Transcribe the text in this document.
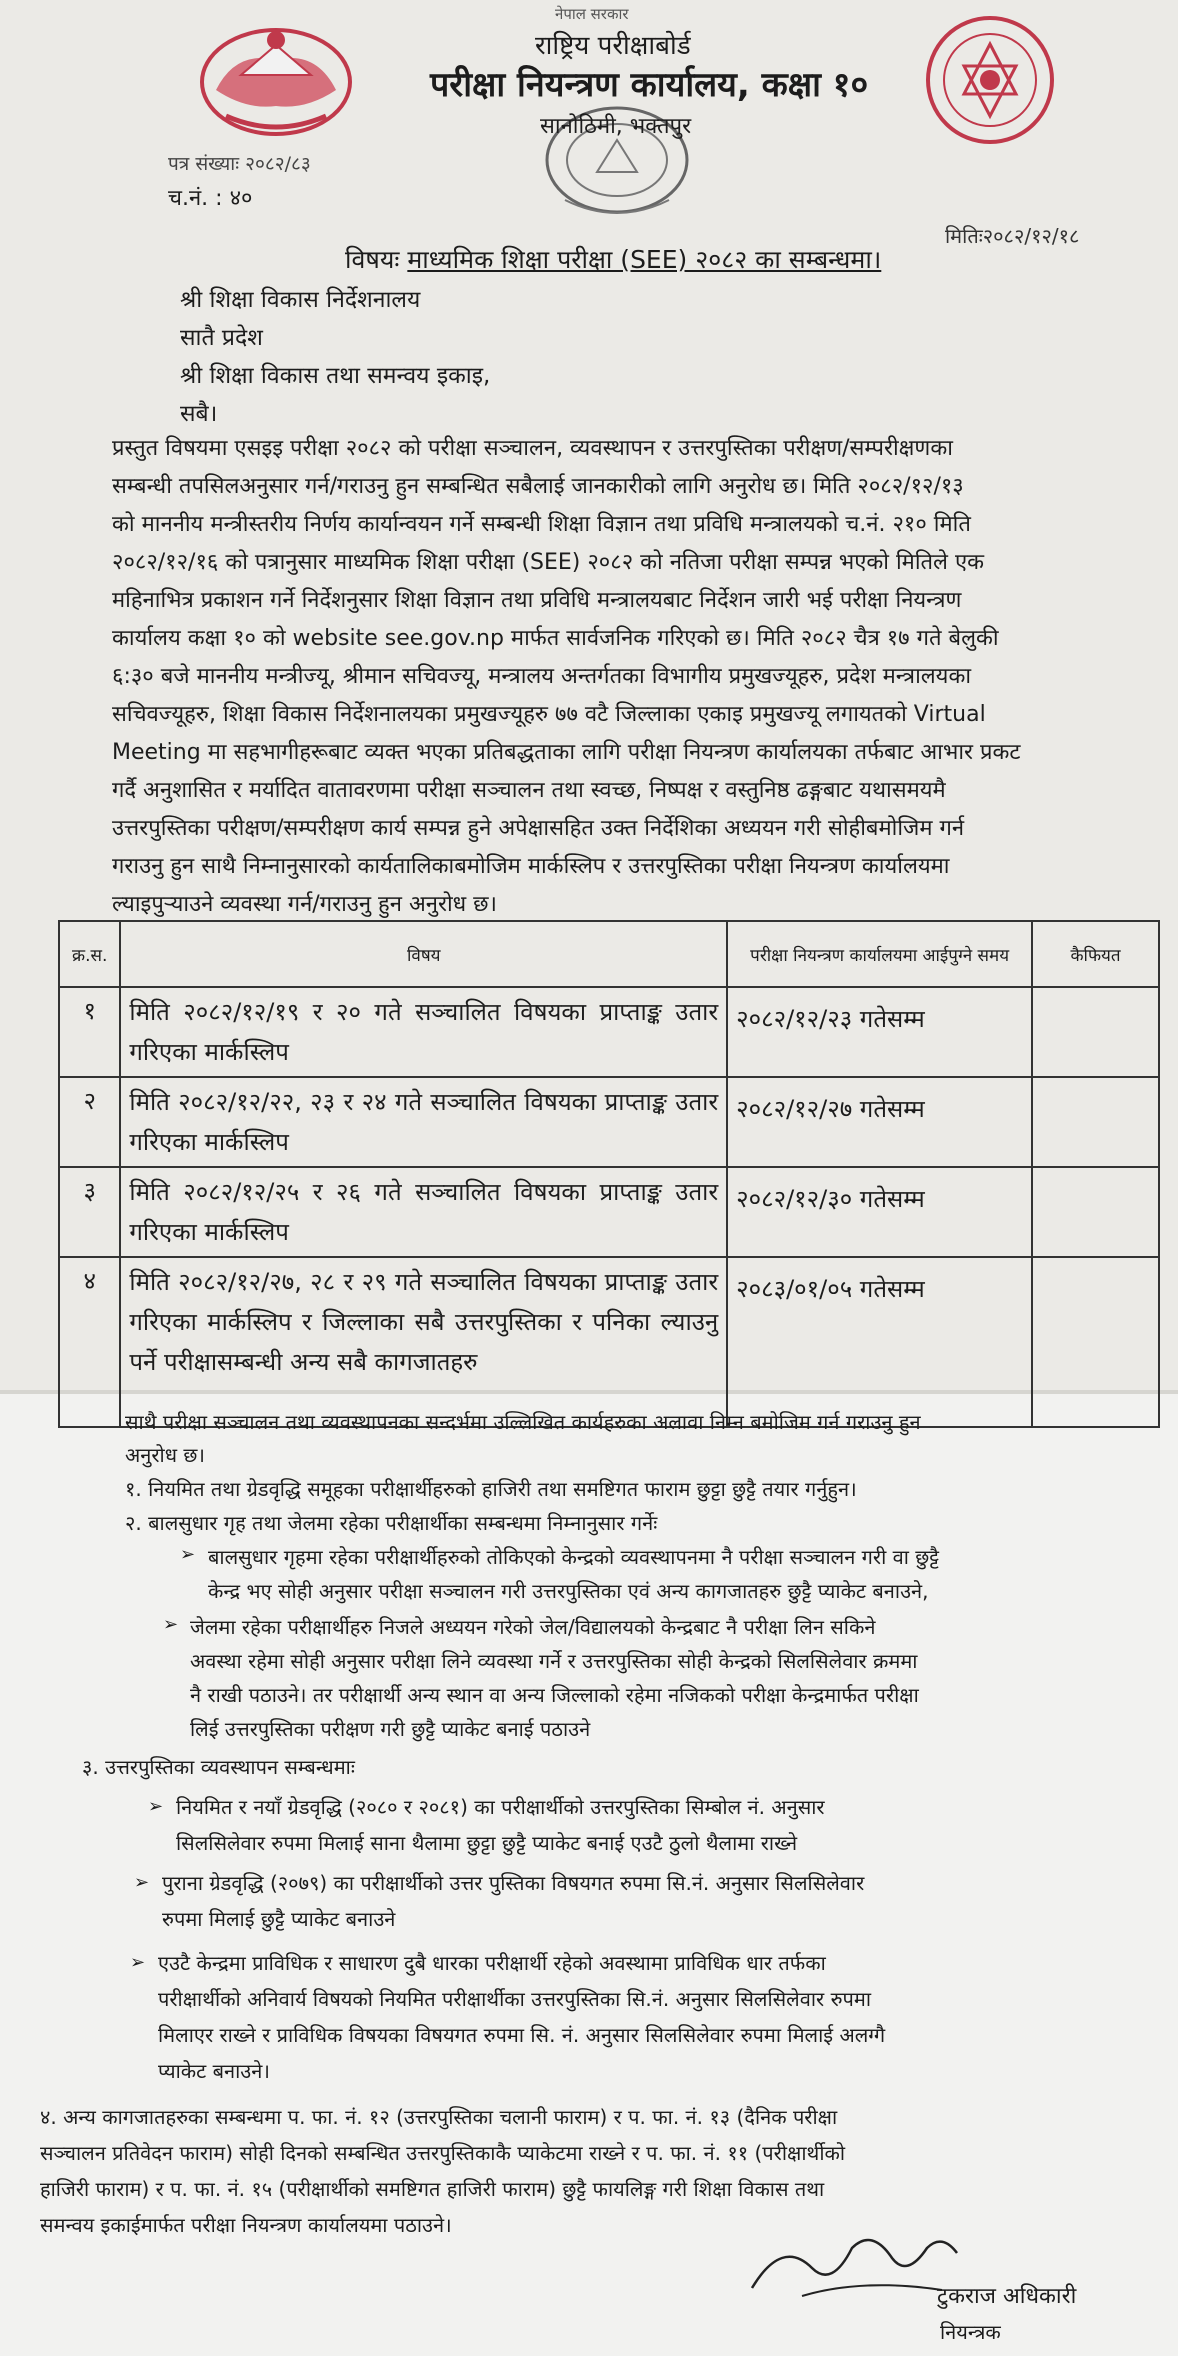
नेपाल सरकार
राष्ट्रिय परीक्षाबोर्ड
परीक्षा नियन्त्रण कार्यालय, कक्षा १०
सानोठिमी, भक्तपुर
पत्र संख्याः २०८२/८३
च.नं. : ४०
मितिः२०८२/१२/१८
विषयः माध्यमिक शिक्षा परीक्षा (SEE) २०८२ का सम्बन्धमा।
श्री शिक्षा विकास निर्देशनालय
सातै प्रदेश
श्री शिक्षा विकास तथा समन्वय इकाइ,
सबै।
प्रस्तुत विषयमा एसइइ परीक्षा २०८२ को परीक्षा सञ्चालन, व्यवस्थापन र उत्तरपुस्तिका परीक्षण/सम्परीक्षणका
सम्बन्धी तपसिलअनुसार गर्न/गराउनु हुन सम्बन्धित सबैलाई जानकारीको लागि अनुरोध छ। मिति २०८२/१२/१३
को माननीय मन्त्रीस्तरीय निर्णय कार्यान्वयन गर्ने सम्बन्धी शिक्षा विज्ञान तथा प्रविधि मन्त्रालयको च.नं. २१० मिति
२०८२/१२/१६ को पत्रानुसार माध्यमिक शिक्षा परीक्षा (SEE) २०८२ को नतिजा परीक्षा सम्पन्न भएको मितिले एक
महिनाभित्र प्रकाशन गर्ने निर्देशनुसार शिक्षा विज्ञान तथा प्रविधि मन्त्रालयबाट निर्देशन जारी भई परीक्षा नियन्त्रण
कार्यालय कक्षा १० को website see.gov.np मार्फत सार्वजनिक गरिएको छ। मिति २०८२ चैत्र १७ गते बेलुकी
६:३० बजे माननीय मन्त्रीज्यू, श्रीमान सचिवज्यू, मन्त्रालय अन्तर्गतका विभागीय प्रमुखज्यूहरु, प्रदेश मन्त्रालयका
सचिवज्यूहरु, शिक्षा विकास निर्देशनालयका प्रमुखज्यूहरु ७७ वटै जिल्लाका एकाइ प्रमुखज्यू लगायतको Virtual
Meeting मा सहभागीहरूबाट व्यक्त भएका प्रतिबद्धताका लागि परीक्षा नियन्त्रण कार्यालयका तर्फबाट आभार प्रकट
गर्दै अनुशासित र मर्यादित वातावरणमा परीक्षा सञ्चालन तथा स्वच्छ, निष्पक्ष र वस्तुनिष्ठ ढङ्गबाट यथासमयमै
उत्तरपुस्तिका परीक्षण/सम्परीक्षण कार्य सम्पन्न हुने अपेक्षासहित उक्त निर्देशिका अध्ययन गरी सोहीबमोजिम गर्न
गराउनु हुन साथै निम्नानुसारको कार्यतालिकाबमोजिम मार्कस्लिप र उत्तरपुस्तिका परीक्षा नियन्त्रण कार्यालयमा
ल्याइपुऱ्याउने व्यवस्था गर्न/गराउनु हुन अनुरोध छ।
क्र.स.	विषय	परीक्षा नियन्त्रण कार्यालयमा आईपुग्ने समय	कैफियत
१	मिति २०८२/१२/१९ र २० गते सञ्चालित विषयका प्राप्ताङ्क उतार गरिएका मार्कस्लिप	२०८२/१२/२३ गतेसम्म	
२	मिति २०८२/१२/२२, २३ र २४ गते सञ्चालित विषयका प्राप्ताङ्क उतार गरिएका मार्कस्लिप	२०८२/१२/२७ गतेसम्म	
३	मिति २०८२/१२/२५ र २६ गते सञ्चालित विषयका प्राप्ताङ्क उतार गरिएका मार्कस्लिप	२०८२/१२/३० गतेसम्म	
४	मिति २०८२/१२/२७, २८ र २९ गते सञ्चालित विषयका प्राप्ताङ्क उतार गरिएका मार्कस्लिप र जिल्लाका सबै उत्तरपुस्तिका र पनिका ल्याउनु पर्ने परीक्षासम्बन्धी अन्य सबै कागजातहरु	२०८३/०१/०५ गतेसम्म	
साथै परीक्षा सञ्चालन तथा व्यवस्थापनका सन्दर्भमा उल्लिखित कार्यहरुका अलावा निम्न बमोजिम गर्न गराउनु हुन
अनुरोध छ।
१. नियमित तथा ग्रेडवृद्धि समूहका परीक्षार्थीहरुको हाजिरी तथा समष्टिगत फाराम छुट्टा छुट्टै तयार गर्नुहुन।
२. बालसुधार गृह तथा जेलमा रहेका परीक्षार्थीका सम्बन्धमा निम्नानुसार गर्नेः
➢ बालसुधार गृहमा रहेका परीक्षार्थीहरुको तोकिएको केन्द्रको व्यवस्थापनमा नै परीक्षा सञ्चालन गरी वा छुट्टै
केन्द्र भए सोही अनुसार परीक्षा सञ्चालन गरी उत्तरपुस्तिका एवं अन्य कागजातहरु छुट्टै प्याकेट बनाउने,
➢ जेलमा रहेका परीक्षार्थीहरु निजले अध्ययन गरेको जेल/विद्यालयको केन्द्रबाट नै परीक्षा लिन सकिने
अवस्था रहेमा सोही अनुसार परीक्षा लिने व्यवस्था गर्ने र उत्तरपुस्तिका सोही केन्द्रको सिलसिलेवार क्रममा
नै राखी पठाउने। तर परीक्षार्थी अन्य स्थान वा अन्य जिल्लाको रहेमा नजिकको परीक्षा केन्द्रमार्फत परीक्षा
लिई उत्तरपुस्तिका परीक्षण गरी छुट्टै प्याकेट बनाई पठाउने
३. उत्तरपुस्तिका व्यवस्थापन सम्बन्धमाः
➢ नियमित र नयाँ ग्रेडवृद्धि (२०८० र २०८१) का परीक्षार्थीको उत्तरपुस्तिका सिम्बोल नं. अनुसार
सिलसिलेवार रुपमा मिलाई साना थैलामा छुट्टा छुट्टै प्याकेट बनाई एउटै ठुलो थैलामा राख्ने
➢ पुराना ग्रेडवृद्धि (२०७९) का परीक्षार्थीको उत्तर पुस्तिका विषयगत रुपमा सि.नं. अनुसार सिलसिलेवार
रुपमा मिलाई छुट्टै प्याकेट बनाउने
➢ एउटै केन्द्रमा प्राविधिक र साधारण दुबै धारका परीक्षार्थी रहेको अवस्थामा प्राविधिक धार तर्फका
परीक्षार्थीको अनिवार्य विषयको नियमित परीक्षार्थीका उत्तरपुस्तिका सि.नं. अनुसार सिलसिलेवार रुपमा
मिलाएर राख्ने र प्राविधिक विषयका विषयगत रुपमा सि. नं. अनुसार सिलसिलेवार रुपमा मिलाई अलग्गै
प्याकेट बनाउने।
४. अन्य कागजातहरुका सम्बन्धमा प. फा. नं. १२ (उत्तरपुस्तिका चलानी फाराम) र प. फा. नं. १३ (दैनिक परीक्षा
सञ्चालन प्रतिवेदन फाराम) सोही दिनको सम्बन्धित उत्तरपुस्तिकाकै प्याकेटमा राख्ने र प. फा. नं. ११ (परीक्षार्थीको
हाजिरी फाराम) र प. फा. नं. १५ (परीक्षार्थीको समष्टिगत हाजिरी फाराम) छुट्टै फायलिङ्ग गरी शिक्षा विकास तथा
समन्वय इकाईमार्फत परीक्षा नियन्त्रण कार्यालयमा पठाउने।
टुकराज अधिकारी
नियन्त्रक
